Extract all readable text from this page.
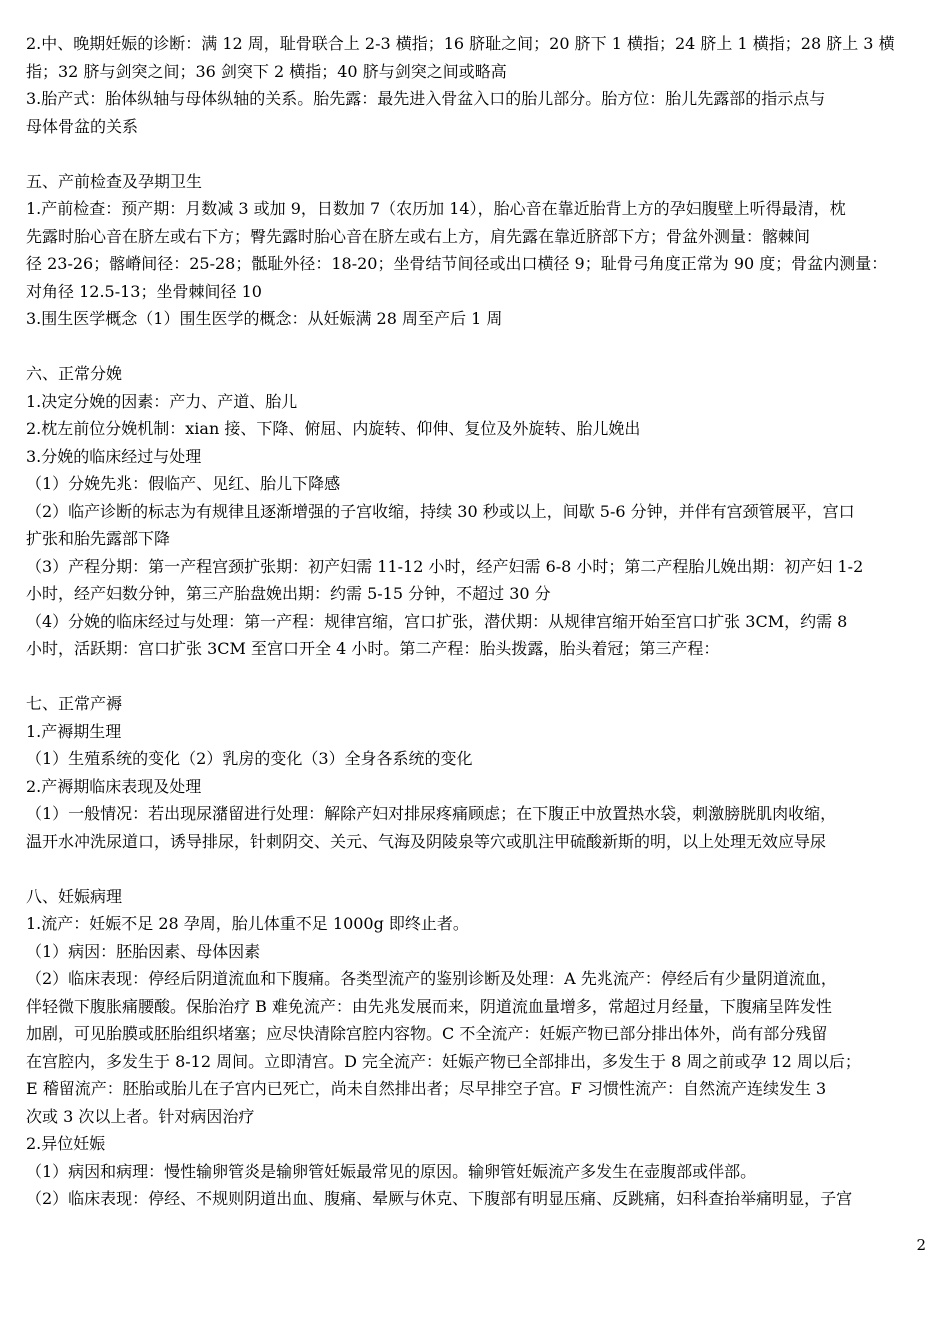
2.中、晚期妊娠的诊断：满 12 周，耻骨联合上 2-3 横指；16 脐耻之间；20 脐下 1 横指；24 脐上 1 横指；28 脐上 3 横
指；32 脐与剑突之间；36 剑突下 2 横指；40 脐与剑突之间或略高
3.胎产式：胎体纵轴与母体纵轴的关系。胎先露：最先进入骨盆入口的胎儿部分。胎方位：胎儿先露部的指示点与
母体骨盆的关系
五、产前检查及孕期卫生
1.产前检查：预产期：月数减 3 或加 9，日数加 7（农历加 14），胎心音在靠近胎背上方的孕妇腹壁上听得最清，枕
先露时胎心音在脐左或右下方；臀先露时胎心音在脐左或右上方，肩先露在靠近脐部下方；骨盆外测量：髂棘间
径 23-26；髂嵴间径：25-28；骶耻外径：18-20；坐骨结节间径或出口横径 9；耻骨弓角度正常为 90 度；骨盆内测量：
对角径 12.5-13；坐骨棘间径 10
3.围生医学概念（1）围生医学的概念：从妊娠满 28 周至产后 1 周
六、正常分娩
1.决定分娩的因素：产力、产道、胎儿
2.枕左前位分娩机制：xian 接、下降、俯屈、内旋转、仰伸、复位及外旋转、胎儿娩出
3.分娩的临床经过与处理
（1）分娩先兆：假临产、见红、胎儿下降感
（2）临产诊断的标志为有规律且逐渐增强的子宫收缩，持续 30 秒或以上，间歇 5-6 分钟，并伴有宫颈管展平，宫口
扩张和胎先露部下降
（3）产程分期：第一产程宫颈扩张期：初产妇需 11-12 小时，经产妇需 6-8 小时；第二产程胎儿娩出期：初产妇 1-2
小时，经产妇数分钟，第三产胎盘娩出期：约需 5-15 分钟，不超过 30 分
（4）分娩的临床经过与处理：第一产程：规律宫缩，宫口扩张，潜伏期：从规律宫缩开始至宫口扩张 3CM，约需 8
小时，活跃期：宫口扩张 3CM 至宫口开全 4 小时。第二产程：胎头拨露，胎头着冠；第三产程：
七、正常产褥
1.产褥期生理
（1）生殖系统的变化（2）乳房的变化（3）全身各系统的变化
2.产褥期临床表现及处理
（1）一般情况：若出现尿潴留进行处理：解除产妇对排尿疼痛顾虑；在下腹正中放置热水袋，刺激膀胱肌肉收缩，
温开水冲洗尿道口，诱导排尿，针刺阴交、关元、气海及阴陵泉等穴或肌注甲硫酸新斯的明，以上处理无效应导尿
八、妊娠病理
1.流产：妊娠不足 28 孕周，胎儿体重不足 1000g 即终止者。
（1）病因：胚胎因素、母体因素
（2）临床表现：停经后阴道流血和下腹痛。各类型流产的鉴别诊断及处理：A 先兆流产：停经后有少量阴道流血，
伴轻微下腹胀痛腰酸。保胎治疗 B 难免流产：由先兆发展而来，阴道流血量增多，常超过月经量，下腹痛呈阵发性
加剧，可见胎膜或胚胎组织堵塞；应尽快清除宫腔内容物。C 不全流产：妊娠产物已部分排出体外，尚有部分残留
在宫腔内，多发生于 8-12 周间。立即清宫。D 完全流产：妊娠产物已全部排出，多发生于 8 周之前或孕 12 周以后；
E 稽留流产：胚胎或胎儿在子宫内已死亡，尚未自然排出者；尽早排空子宫。F 习惯性流产：自然流产连续发生 3
次或 3 次以上者。针对病因治疗
2.异位妊娠
（1）病因和病理：慢性输卵管炎是输卵管妊娠最常见的原因。输卵管妊娠流产多发生在壶腹部或伴部。
（2）临床表现：停经、不规则阴道出血、腹痛、晕厥与休克、下腹部有明显压痛、反跳痛，妇科查抬举痛明显，子宫
2
